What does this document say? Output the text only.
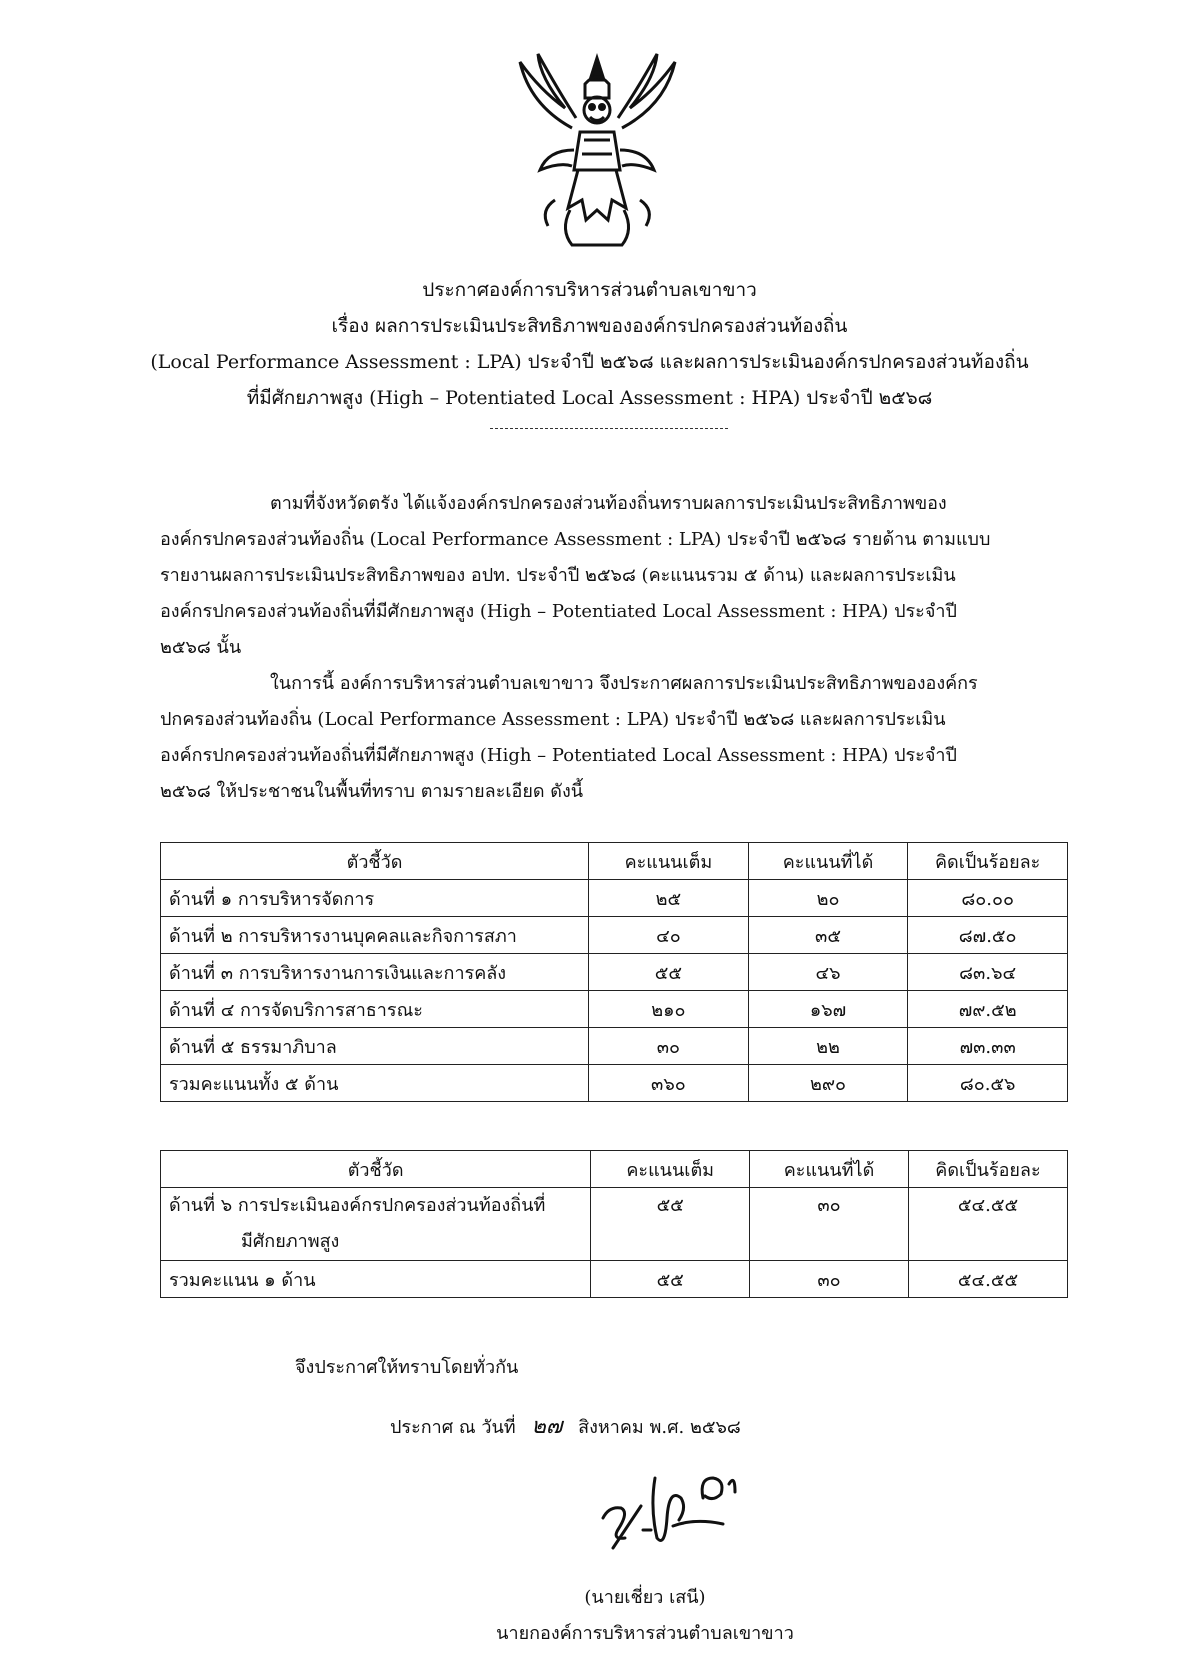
ประกาศองค์การบริหารส่วนตำบลเขาขาว
เรื่อง ผลการประเมินประสิทธิภาพขององค์กรปกครองส่วนท้องถิ่น
(Local Performance Assessment : LPA) ประจำปี ๒๕๖๘ และผลการประเมินองค์กรปกครองส่วนท้องถิ่น
ที่มีศักยภาพสูง (High – Potentiated Local Assessment : HPA) ประจำปี ๒๕๖๘
ตามที่จังหวัดตรัง ได้แจ้งองค์กรปกครองส่วนท้องถิ่นทราบผลการประเมินประสิทธิภาพของ
องค์กรปกครองส่วนท้องถิ่น (Local Performance Assessment : LPA) ประจำปี ๒๕๖๘ รายด้าน ตามแบบ
รายงานผลการประเมินประสิทธิภาพของ อปท. ประจำปี ๒๕๖๘ (คะแนนรวม ๕ ด้าน) และผลการประเมิน
องค์กรปกครองส่วนท้องถิ่นที่มีศักยภาพสูง (High – Potentiated Local Assessment : HPA) ประจำปี
๒๕๖๘ นั้น
ในการนี้ องค์การบริหารส่วนตำบลเขาขาว จึงประกาศผลการประเมินประสิทธิภาพขององค์กร
ปกครองส่วนท้องถิ่น (Local Performance Assessment : LPA) ประจำปี ๒๕๖๘ และผลการประเมิน
องค์กรปกครองส่วนท้องถิ่นที่มีศักยภาพสูง (High – Potentiated Local Assessment : HPA) ประจำปี
๒๕๖๘ ให้ประชาชนในพื้นที่ทราบ ตามรายละเอียด ดังนี้
ตัวชี้วัด	คะแนนเต็ม	คะแนนที่ได้	คิดเป็นร้อยละ
ด้านที่ ๑ การบริหารจัดการ	๒๕	๒๐	๘๐.๐๐
ด้านที่ ๒ การบริหารงานบุคคลและกิจการสภา	๔๐	๓๕	๘๗.๕๐
ด้านที่ ๓ การบริหารงานการเงินและการคลัง	๕๕	๔๖	๘๓.๖๔
ด้านที่ ๔ การจัดบริการสาธารณะ	๒๑๐	๑๖๗	๗๙.๕๒
ด้านที่ ๕ ธรรมาภิบาล	๓๐	๒๒	๗๓.๓๓
รวมคะแนนทั้ง ๕ ด้าน	๓๖๐	๒๙๐	๘๐.๕๖
ตัวชี้วัด	คะแนนเต็ม	คะแนนที่ได้	คิดเป็นร้อยละ

ด้านที่ ๖ การประเมินองค์กรปกครองส่วนท้องถิ่นที่
มีศักยภาพสูง	๕๕	๓๐	๕๔.๕๕
รวมคะแนน ๑ ด้าน	๕๕	๓๐	๕๔.๕๕
จึงประกาศให้ทราบโดยทั่วกัน
ประกาศ ณ วันที่ ๒๗ สิงหาคม พ.ศ. ๒๕๖๘
(นายเชี่ยว เสนี)
นายกองค์การบริหารส่วนตำบลเขาขาว
